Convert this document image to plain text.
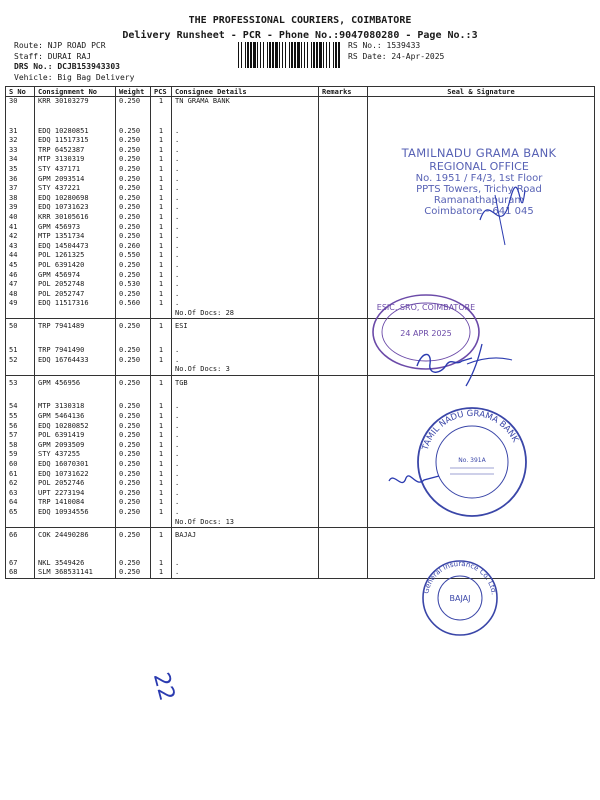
THE PROFESSIONAL COURIERS, COIMBATORE
Delivery Runsheet - PCR - Phone No.:9047080280 - Page No.:3
Route: NJP ROAD PCR
Staff: DURAI RAJ
DRS No.: DCJB153943303
Vehicle: Big Bag Delivery
RS No.: 1539433
RS Date: 24-Apr-2025
S No	Consignment No	Weight	PCS	Consignee Details	Remarks	Seal & Signature
30	KRR 30103279	0.250	1	TN GRAMA BANK		

31	EDQ 10280851	0.250	1	.		
32	EDQ 11517315	0.250	1	.		
33	TRP 6452387	0.250	1	.		
34	MTP 3130319	0.250	1	.		
35	STY 437171	0.250	1	.		
36	GPM 2093514	0.250	1	.		
37	STY 437221	0.250	1	.		
38	EDQ 10280698	0.250	1	.		
39	EDQ 10731623	0.250	1	.		
40	KRR 30105616	0.250	1	.		
41	GPM 456973	0.250	1	.		
42	MTP 1351734	0.250	1	.		
43	EDQ 14504473	0.260	1	.		
44	POL 1261325	0.550	1	.		
45	POL 6391420	0.250	1	.		
46	GPM 456974	0.250	1	.		
47	POL 2052748	0.530	1	.		
48	POL 2052747	0.250	1	.		
49	EDQ 11517316	0.560	1	.		
				No.Of Docs: 28		

50	TRP 7941489	0.250	1	ESI		

51	TRP 7941490	0.250	1	.		
52	EDQ 16764433	0.250	1	.		
				No.Of Docs: 3		

53	GPM 456956	0.250	1	TGB		

54	MTP 3130318	0.250	1	.		
55	GPM 5464136	0.250	1	.		
56	EDQ 10280852	0.250	1	.		
57	POL 6391419	0.250	1	.		
58	GPM 2093509	0.250	1	.		
59	STY 437255	0.250	1	.		
60	EDQ 16070301	0.250	1	.		
61	EDQ 10731622	0.250	1	.		
62	POL 2052746	0.250	1	.		
63	UPT 2273194	0.250	1	.		
64	TRP 1410084	0.250	1	.		
65	EDQ 10934556	0.250	1	.		
				No.Of Docs: 13		

66	COK 24490286	0.250	1	BAJAJ		

67	NKL 3549426	0.250	1	.		
68	SLM 368531141	0.250	1	.		
TAMILNADU GRAMA BANK
REGIONAL OFFICE
No. 1951 / F4/3, 1st Floor
PPTS Towers, Trichy Road
Ramanathapuram
Coimbatore - 641 045
ESIC, SRO, COIMBATORE
24 APR 2025
TAMIL NADU GRAMA BANK
No. 391A
General Insurance Co. Ltd.
BAJAJ
22
